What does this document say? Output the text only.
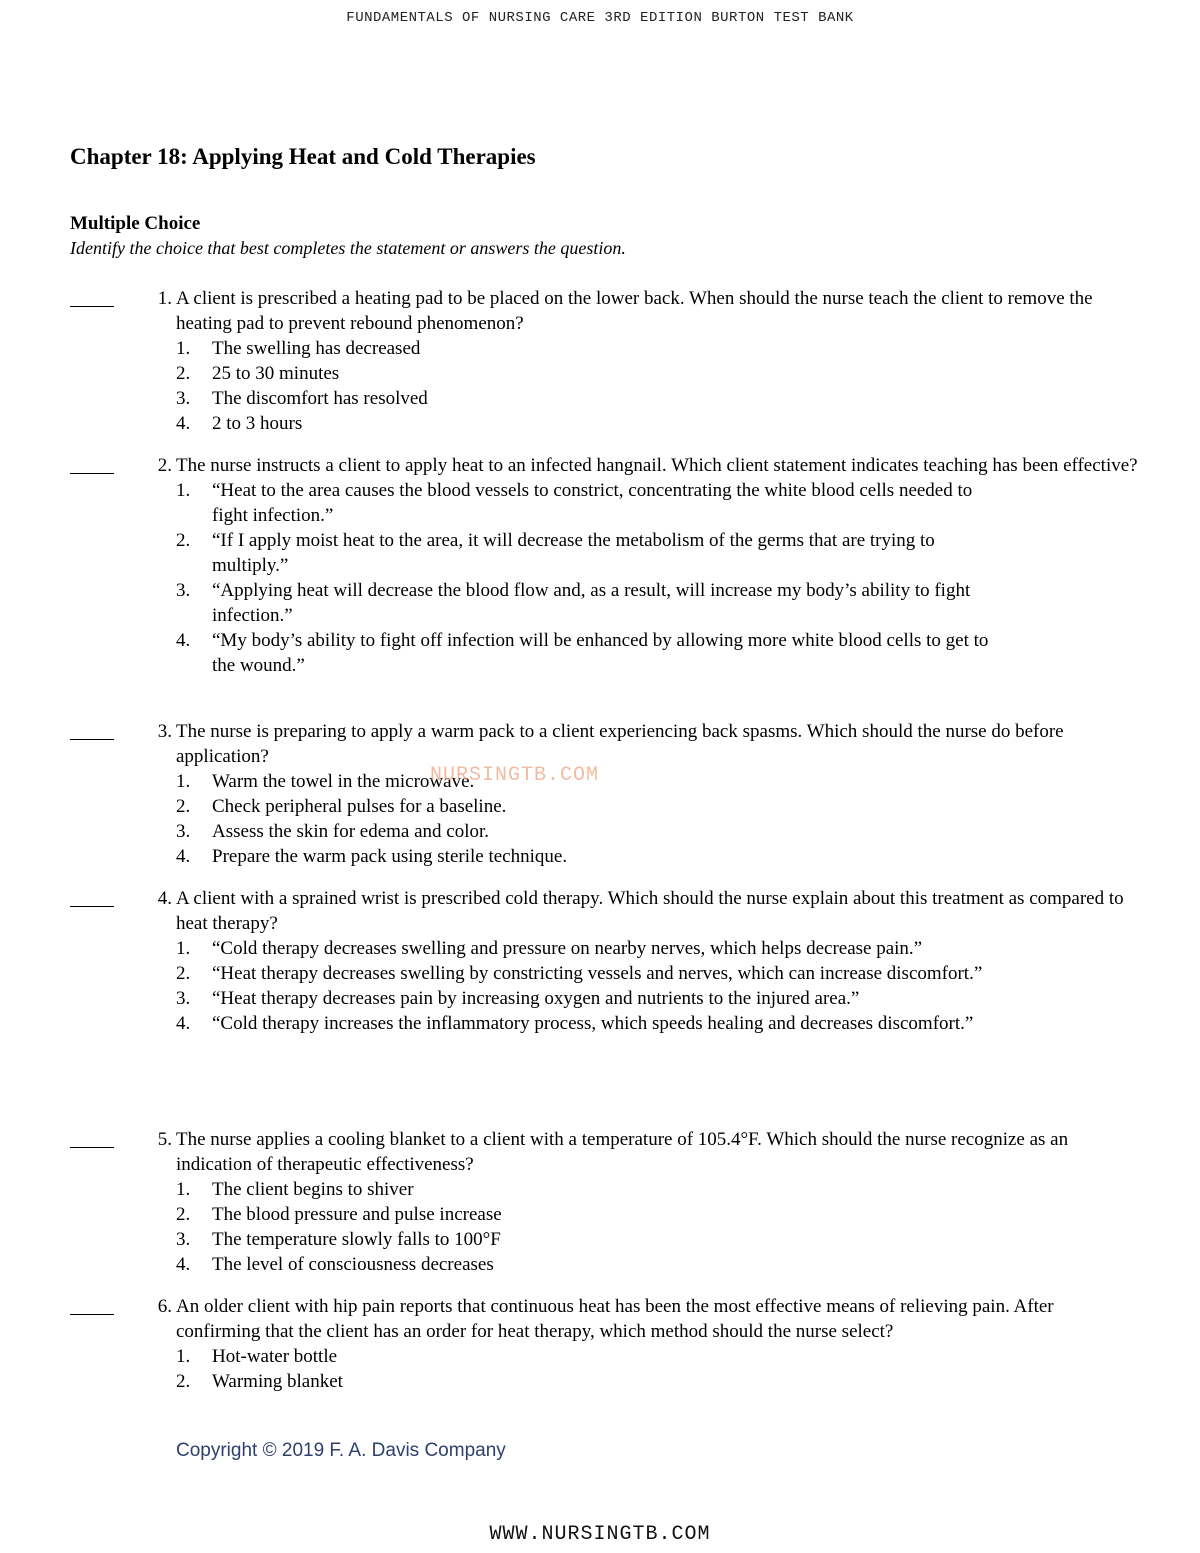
FUNDAMENTALS OF NURSING CARE 3RD EDITION BURTON TEST BANK
Chapter 18: Applying Heat and Cold Therapies
Multiple Choice
Identify the choice that best completes the statement or answers the question.
1. A client is prescribed a heating pad to be placed on the lower back. When should the nurse teach the client to remove the heating pad to prevent rebound phenomenon?
1.	The swelling has decreased
2.	25 to 30 minutes
3.	The discomfort has resolved
4.	2 to 3 hours
2. The nurse instructs a client to apply heat to an infected hangnail. Which client statement indicates teaching has been effective?
1.	“Heat to the area causes the blood vessels to constrict, concentrating the white blood cells needed to fight infection.”
2.	“If I apply moist heat to the area, it will decrease the metabolism of the germs that are trying to multiply.”
3.	“Applying heat will decrease the blood flow and, as a result, will increase my body’s ability to fight infection.”
4.	“My body’s ability to fight off infection will be enhanced by allowing more white blood cells to get to the wound.”
3. The nurse is preparing to apply a warm pack to a client experiencing back spasms. Which should the nurse do before application?
1.	Warm the towel in the microwave.
2.	Check peripheral pulses for a baseline.
3.	Assess the skin for edema and color.
4.	Prepare the warm pack using sterile technique.
4. A client with a sprained wrist is prescribed cold therapy. Which should the nurse explain about this treatment as compared to heat therapy?
1.	“Cold therapy decreases swelling and pressure on nearby nerves, which helps decrease pain.”
2.	“Heat therapy decreases swelling by constricting vessels and nerves, which can increase discomfort.”
3.	“Heat therapy decreases pain by increasing oxygen and nutrients to the injured area.”
4.	“Cold therapy increases the inflammatory process, which speeds healing and decreases discomfort.”
5. The nurse applies a cooling blanket to a client with a temperature of 105.4°F. Which should the nurse recognize as an indication of therapeutic effectiveness?
1.	The client begins to shiver
2.	The blood pressure and pulse increase
3.	The temperature slowly falls to 100°F
4.	The level of consciousness decreases
6. An older client with hip pain reports that continuous heat has been the most effective means of relieving pain. After confirming that the client has an order for heat therapy, which method should the nurse select?
1.	Hot-water bottle
2.	Warming blanket
NURSINGTB.COM
Copyright © 2019 F. A. Davis Company
WWW.NURSINGTB.COM
